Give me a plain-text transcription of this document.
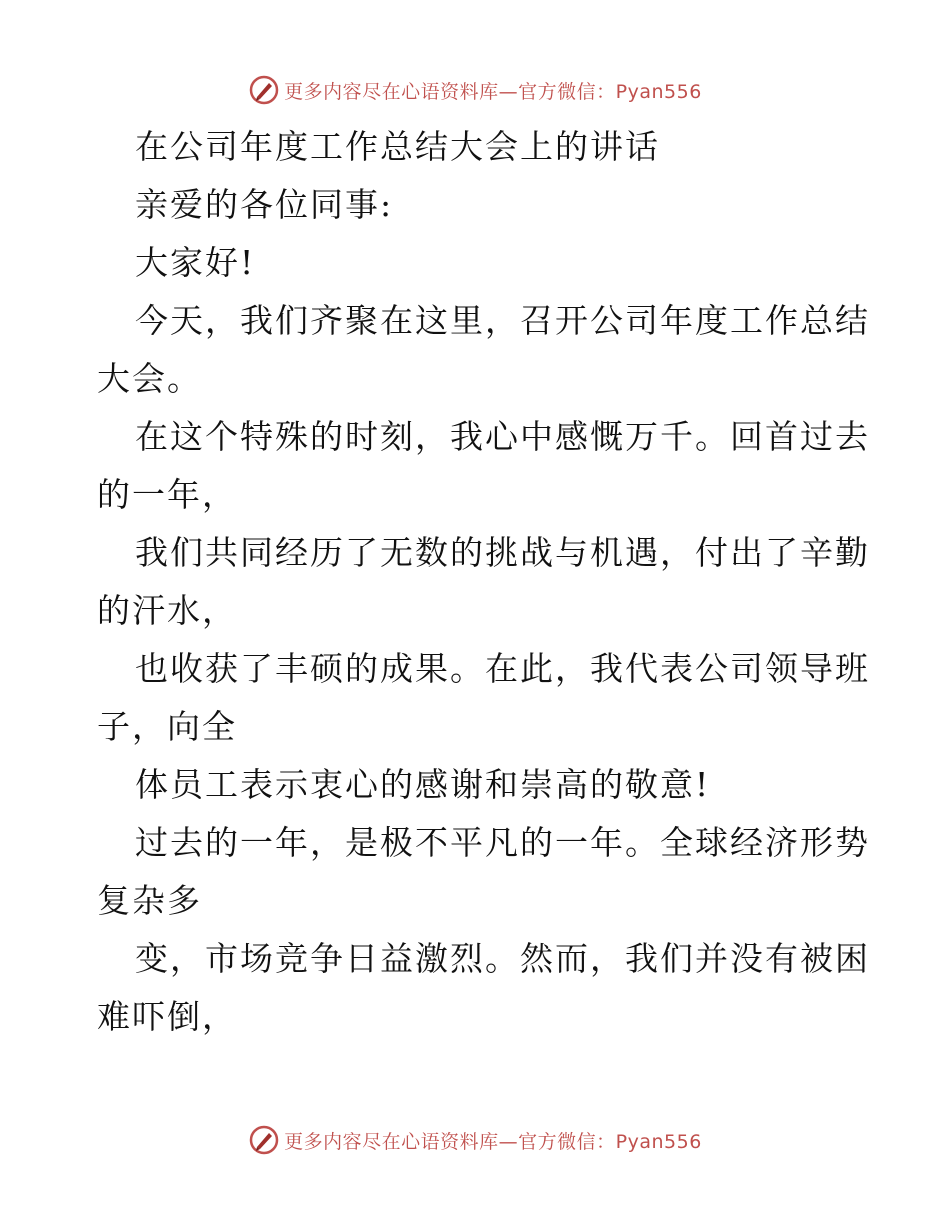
更多内容尽在心语资料库—官方微信：Pyan556
在公司年度工作总结大会上的讲话
亲爱的各位同事:
大家好!
今天，我们齐聚在这里，召开公司年度工作总结
大会。
在这个特殊的时刻，我心中感慨万千。回首过去
的一年，
我们共同经历了无数的挑战与机遇，付出了辛勤
的汗水，
也收获了丰硕的成果。在此，我代表公司领导班
子，向全
体员工表示衷心的感谢和崇高的敬意!
过去的一年，是极不平凡的一年。全球经济形势
复杂多
变，市场竞争日益激烈。然而，我们并没有被困
难吓倒，
更多内容尽在心语资料库—官方微信：Pyan556
